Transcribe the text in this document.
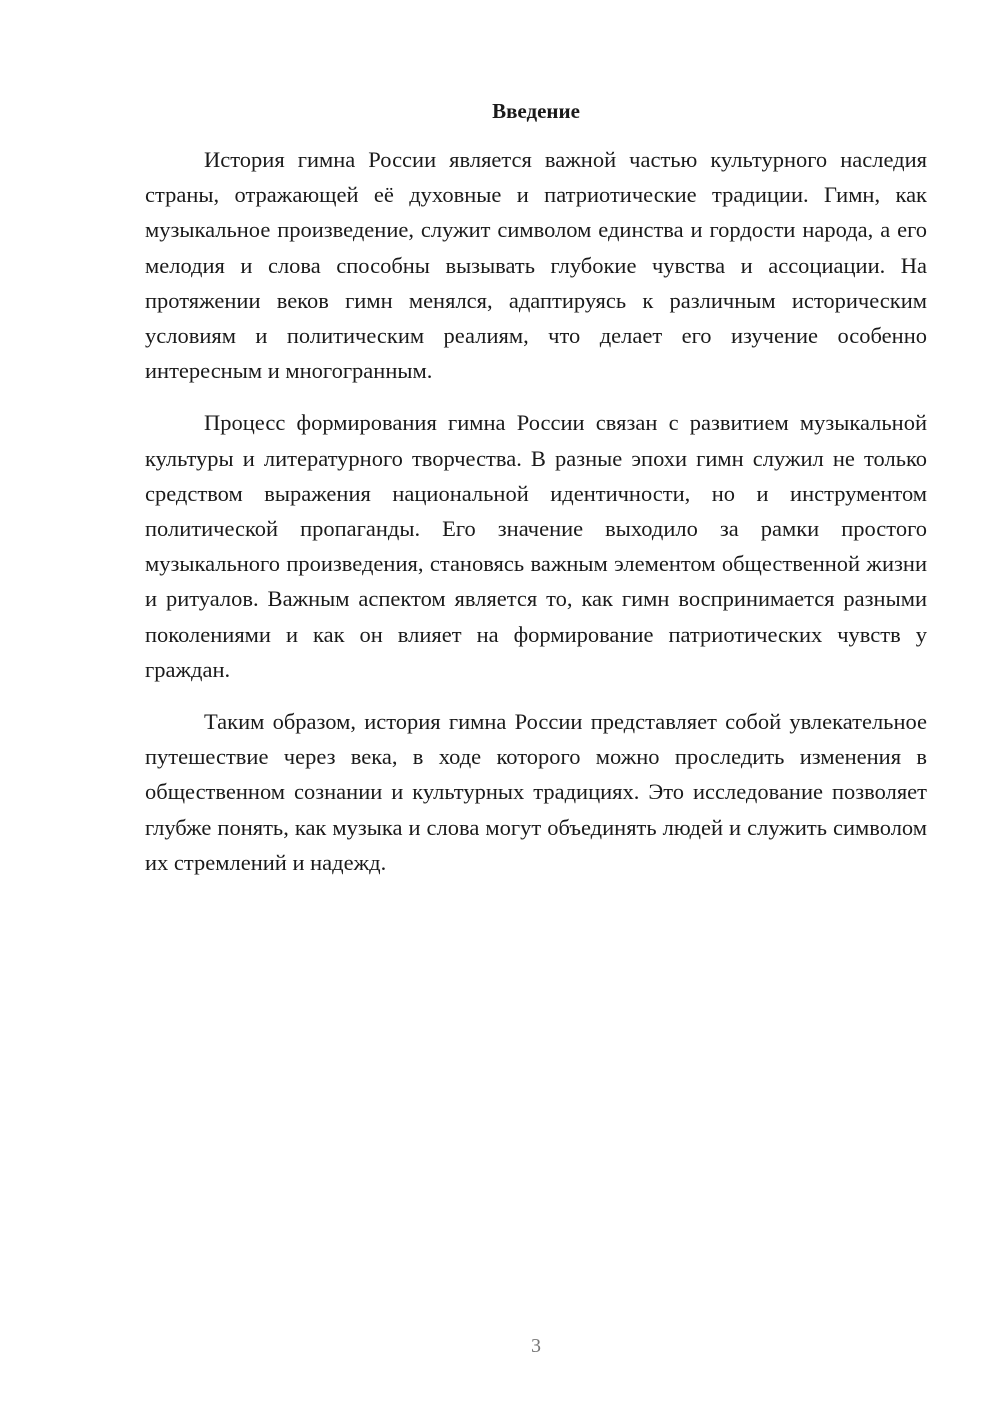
Введение

История гимна России является важной частью культурного наследия страны, отражающей её духовные и патриотические традиции. Гимн, как музыкальное произведение, служит символом единства и гордости народа, а его мелодия и слова способны вызывать глубокие чувства и ассоциации. На протяжении веков гимн менялся, адаптируясь к различным историческим условиям и политическим реалиям, что делает его изучение особенно интересным и многогранным.

Процесс формирования гимна России связан с развитием музыкальной культуры и литературного творчества. В разные эпохи гимн служил не только средством выражения национальной идентичности, но и инструментом политической пропаганды. Его значение выходило за рамки простого музыкального произведения, становясь важным элементом общественной жизни и ритуалов. Важным аспектом является то, как гимн воспринимается разными поколениями и как он влияет на формирование патриотических чувств у граждан.

Таким образом, история гимна России представляет собой увлекательное путешествие через века, в ходе которого можно проследить изменения в общественном сознании и культурных традициях. Это исследование позволяет глубже понять, как музыка и слова могут объединять людей и служить символом их стремлений и надежд.

3
